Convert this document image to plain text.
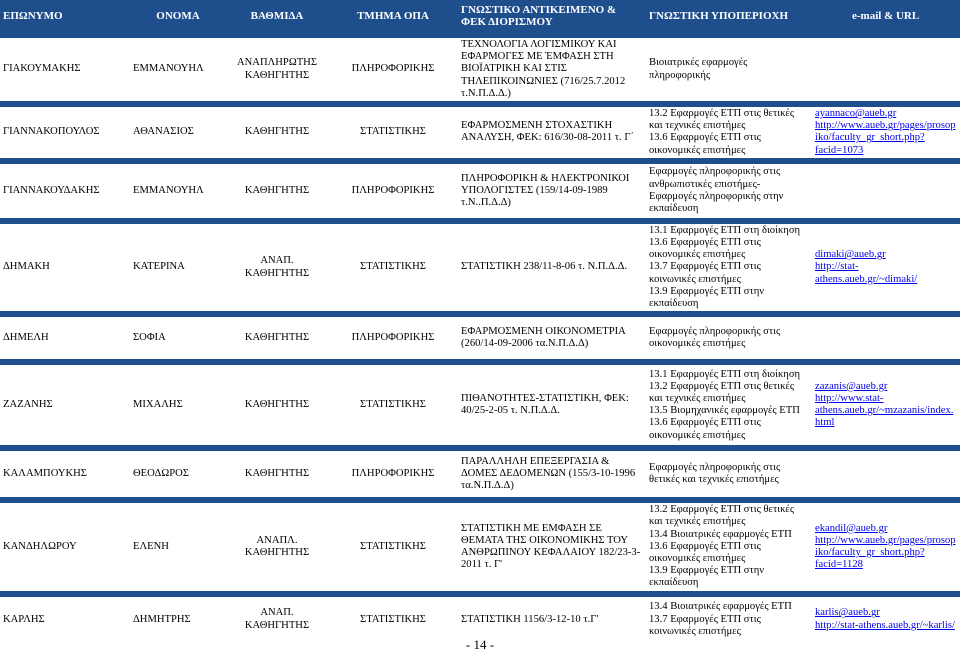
ΕΠΩΝΥΜΟ	ΟΝΟΜΑ	ΒΑΘΜΙΔΑ	ΤΜΗΜΑ ΟΠΑ	ΓΝΩΣΤΙΚΟ ΑΝΤΙΚΕΙΜΕΝΟ & ΦΕΚ ΔΙΟΡΙΣΜΟΥ	ΓΝΩΣΤΙΚΗ ΥΠΟΠΕΡΙΟΧΗ	e-mail & URL

ΓΙΑΚΟΥΜΑΚΗΣ	ΕΜΜΑΝΟΥΗΛ	ΑΝΑΠΛΗΡΩΤΗΣ ΚΑΘΗΓΗΤΗΣ	ΠΛΗΡΟΦΟΡΙΚΗΣ	ΤΕΧΝΟΛΟΓΙΑ ΛΟΓΙΣΜΙΚΟΥ ΚΑΙ ΕΦΑΡΜΟΓΕΣ ΜΕ ΈΜΦΑΣΗ ΣΤΗ ΒΙΟΪΑΤΡΙΚΗ ΚΑΙ ΣΤΙΣ ΤΗΛΕΠΙΚΟΙΝΩΝΙΕΣ (716/25.7.2012 τ.Ν.Π.Δ.Δ.)	Βιοιατρικές εφαρμογές πληροφορικής	

ΓΙΑΝΝΑΚΟΠΟΥΛΟΣ	ΑΘΑΝΑΣΙΟΣ	ΚΑΘΗΓΗΤΗΣ	ΣΤΑΤΙΣΤΙΚΗΣ	ΕΦΑΡΜΟΣΜΕΝΗ ΣΤΟΧΑΣΤΙΚΗ ΑΝΑΛΥΣΗ, ΦΕΚ: 616/30-08-2011 τ. Γ΄	13.2 Εφαρμογές ΕΤΠ στις θετικές και τεχνικές επιστήμες
13.6 Εφαρμογές ΕΤΠ στις οικονομικές επιστήμες	ayannaco@aueb.gr
http://www.aueb.gr/pages/prosopiko/faculty_gr_short.php?facid=1073

ΓΙΑΝΝΑΚΟΥΔΑΚΗΣ	ΕΜΜΑΝΟΥΗΛ	ΚΑΘΗΓΗΤΗΣ	ΠΛΗΡΟΦΟΡΙΚΗΣ	ΠΛΗΡΟΦΟΡΙΚΗ & ΗΛΕΚΤΡΟΝΙΚΟΙ ΥΠΟΛΟΓΙΣΤΕΣ (159/14-09-1989 τ.Ν..Π.Δ.Δ)	Εφαρμογές πληροφορικής στις ανθρωπιστικές επιστήμες-
Εφαρμογές πληροφορικής στην εκπαίδευση	

ΔΗΜΑΚΗ	ΚΑΤΕΡΙΝΑ	ΑΝΑΠ. ΚΑΘΗΓΗΤΗΣ	ΣΤΑΤΙΣΤΙΚΗΣ	ΣΤΑΤΙΣΤΙΚΗ 238/11-8-06 τ. Ν.Π.Δ.Δ.	13.1 Εφαρμογές ΕΤΠ στη διοίκηση
13.6 Εφαρμογές ΕΤΠ στις οικονομικές επιστήμες
13.7 Εφαρμογές ΕΤΠ στις κοινωνικές επιστήμες
13.9 Εφαρμογές ΕΤΠ στην εκπαίδευση	dimaki@aueb.gr
http://stat-athens.aueb.gr/~dimaki/

ΔΗΜΕΛΗ	ΣΟΦΙΑ	ΚΑΘΗΓΗΤΗΣ	ΠΛΗΡΟΦΟΡΙΚΗΣ	ΕΦΑΡΜΟΣΜΕΝΗ ΟΙΚΟΝΟΜΕΤΡΙΑ (260/14-09-2006 τα.Ν.Π.Δ.Δ)	Εφαρμογές πληροφορικής στις οικονομικές επιστήμες	

ΖΑΖΑΝΗΣ	ΜΙΧΑΛΗΣ	ΚΑΘΗΓΗΤΗΣ	ΣΤΑΤΙΣΤΙΚΗΣ	ΠΙΘΑΝΟΤΗΤΕΣ-ΣΤΑΤΙΣΤΙΚΗ, ΦΕΚ: 40/25-2-05 τ. Ν.Π.Δ.Δ.	13.1 Εφαρμογές ΕΤΠ στη διοίκηση
13.2 Εφαρμογές ΕΤΠ στις θετικές και τεχνικές επιστήμες
13.5 Βιομηχανικές εφαρμογές ΕΤΠ
13.6 Εφαρμογές ΕΤΠ στις οικονομικές επιστήμες	zazanis@aueb.gr
http://www.stat-athens.aueb.gr/~mzazanis/index.html

ΚΑΛΑΜΠΟΥΚΗΣ	ΘΕΟΔΩΡΟΣ	ΚΑΘΗΓΗΤΗΣ	ΠΛΗΡΟΦΟΡΙΚΗΣ	ΠΑΡΑΛΛΗΛΗ ΕΠΕΞΕΡΓΑΣΙΑ & ΔΟΜΕΣ ΔΕΔΟΜΕΝΩΝ (155/3-10-1996 τα.Ν.Π.Δ.Δ)	Εφαρμογές πληροφορικής στις θετικές και τεχνικές επιστήμες	

ΚΑΝΔΗΛΩΡΟΥ	ΕΛΕΝΗ	ΑΝΑΠΛ. ΚΑΘΗΓΗΤΗΣ	ΣΤΑΤΙΣΤΙΚΗΣ	ΣΤΑΤΙΣΤΙΚΗ ΜΕ ΕΜΦΑΣΗ ΣΕ ΘΕΜΑΤΑ ΤΗΣ ΟΙΚΟΝΟΜΙΚΗΣ ΤΟΥ ΑΝΘΡΩΠΙΝΟΥ ΚΕΦΑΛΑΙΟΥ 182/23-3-2011 τ. Γ'	13.2 Εφαρμογές ΕΤΠ στις θετικές και τεχνικές επιστήμες
13.4 Βιοιατρικές εφαρμογές ΕΤΠ
13.6 Εφαρμογές ΕΤΠ στις οικονομικές επιστήμες
13.9 Εφαρμογές ΕΤΠ στην εκπαίδευση	ekandil@aueb.gr
http://www.aueb.gr/pages/prosopiko/faculty_gr_short.php?facid=1128

ΚΑΡΛΗΣ	ΔΗΜΗΤΡΗΣ	ΑΝΑΠ. ΚΑΘΗΓΗΤΗΣ	ΣΤΑΤΙΣΤΙΚΗΣ	ΣΤΑΤΙΣΤΙΚΗ 1156/3-12-10 τ.Γ'	13.4 Βιοιατρικές εφαρμογές ΕΤΠ
13.7 Εφαρμογές ΕΤΠ στις κοινωνικές επιστήμες	karlis@aueb.gr
http://stat-athens.aueb.gr/~karlis/
- 14 -
